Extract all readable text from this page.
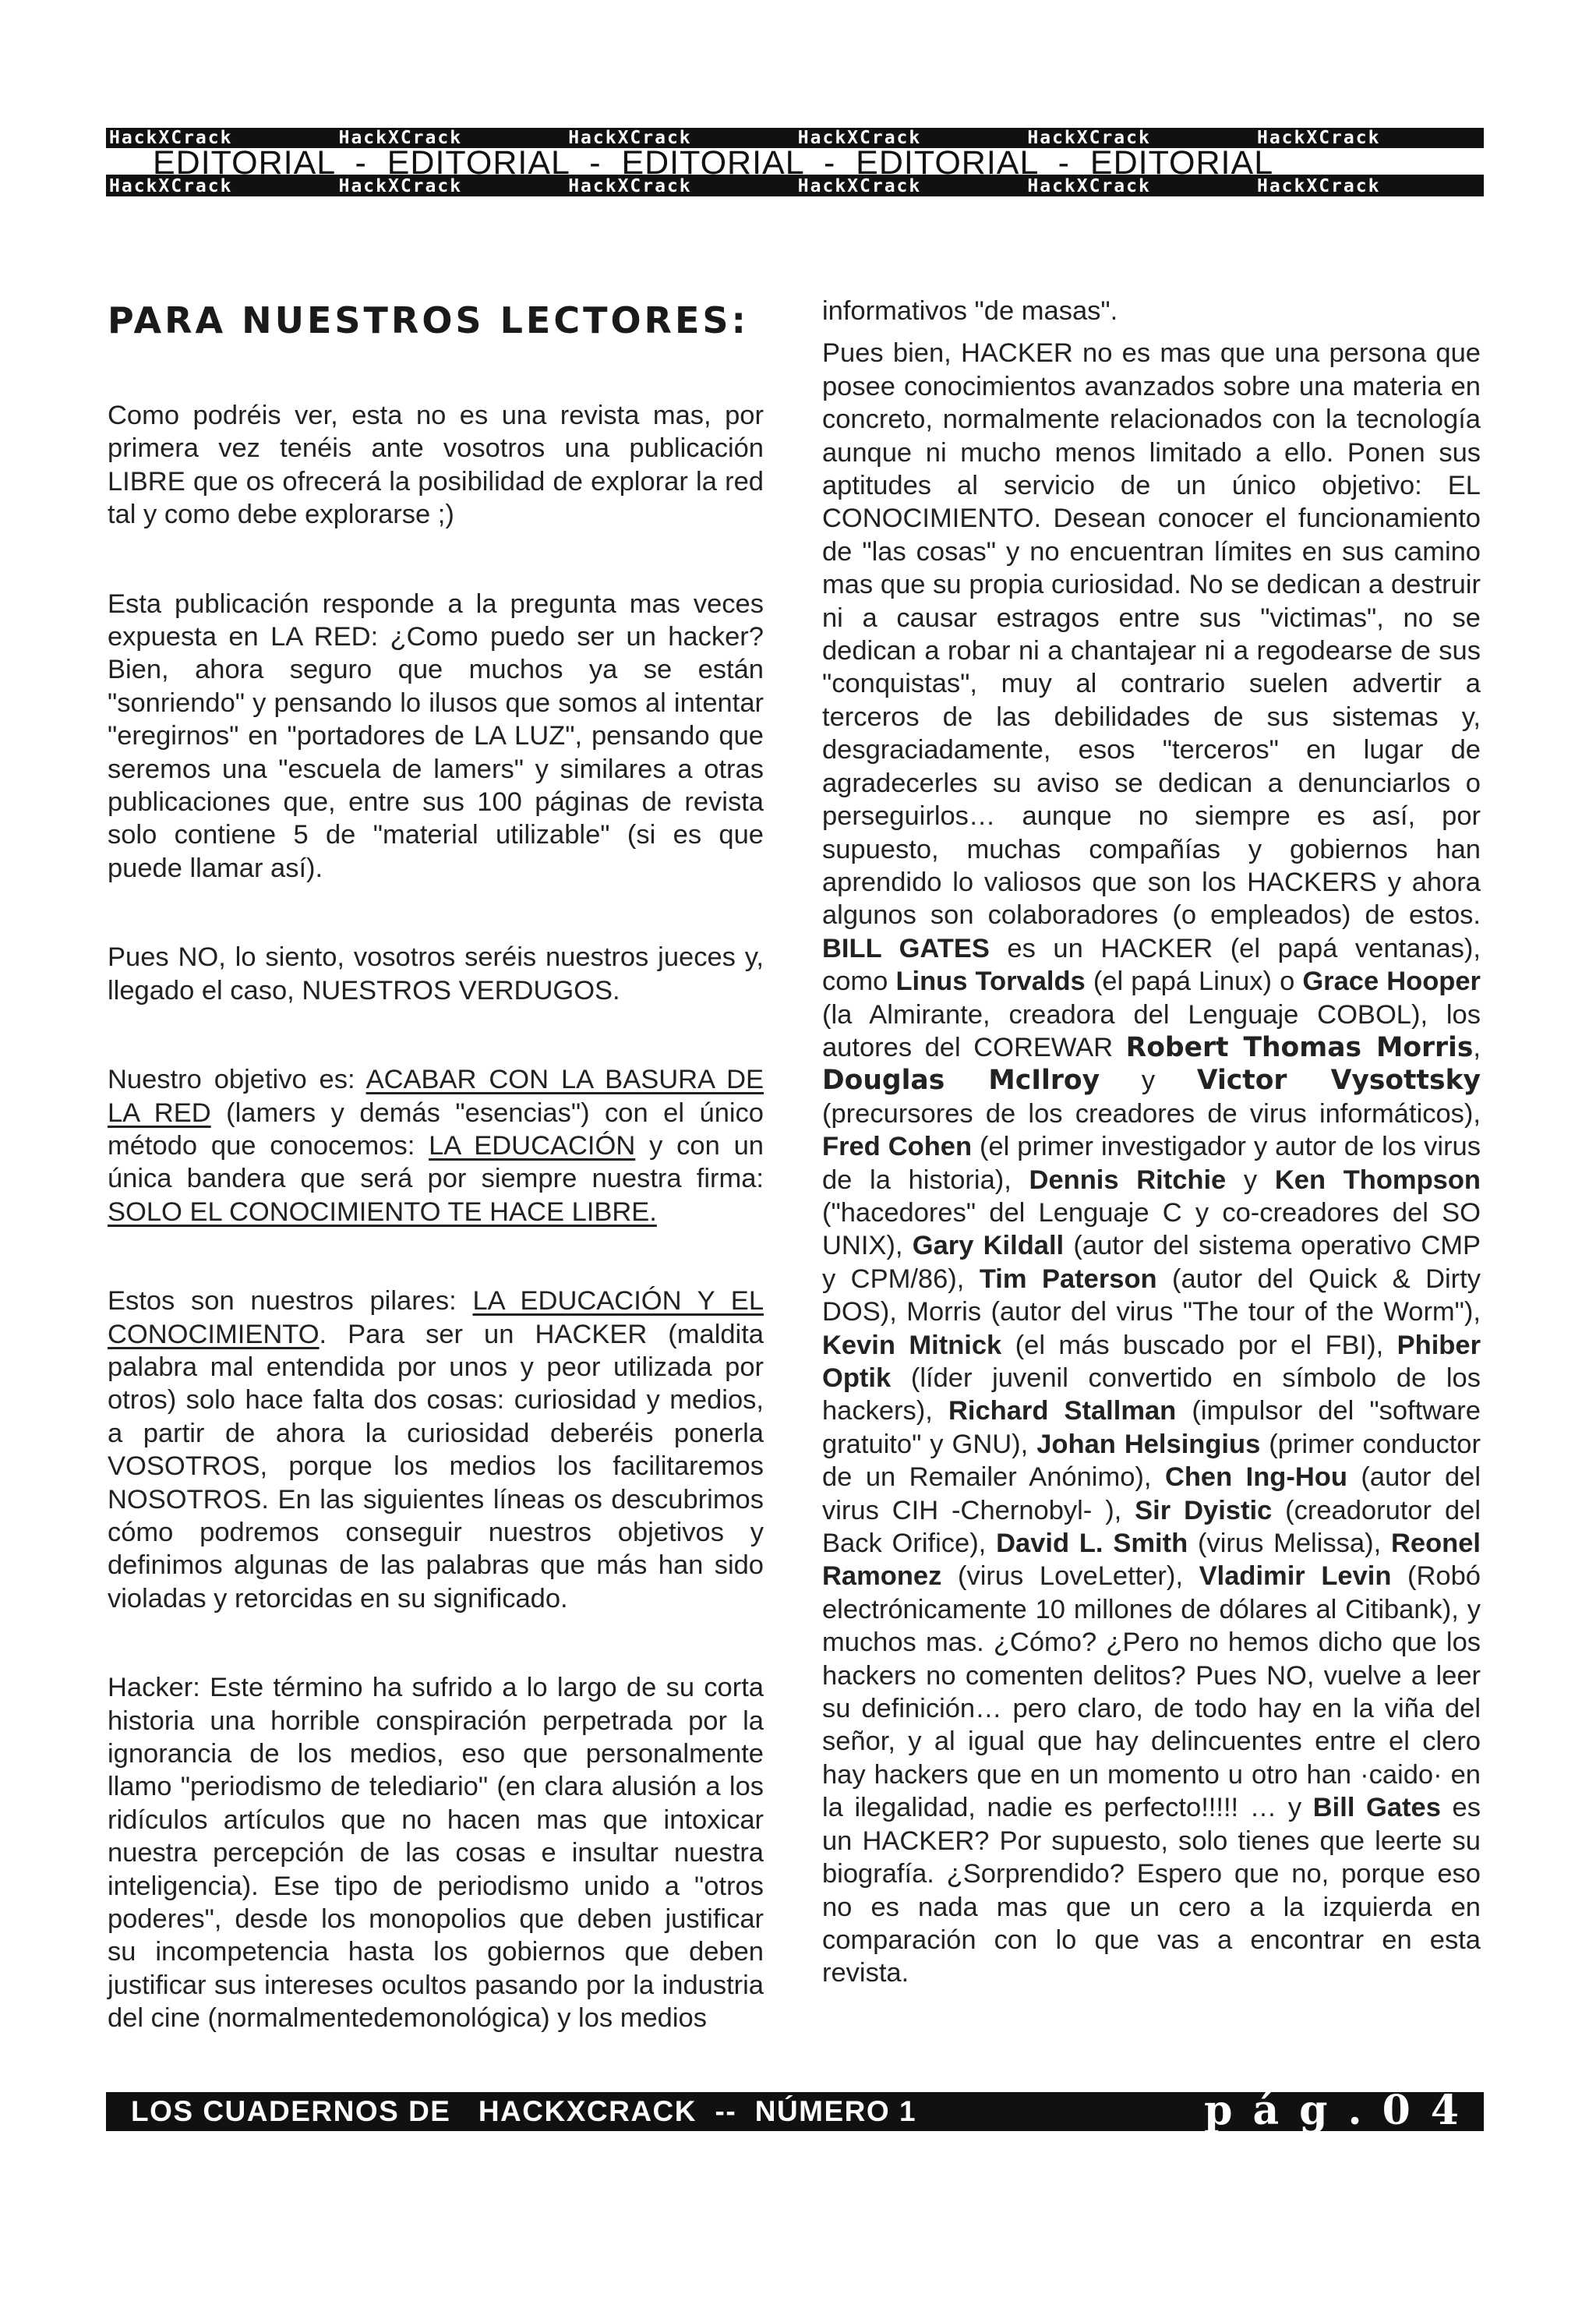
HackXCrack	HackXCrack	HackXCrack	HackXCrack	HackXCrack	HackXCrack
EDITORIAL  -  EDITORIAL  -  EDITORIAL  -  EDITORIAL  -  EDITORIAL
HackXCrack	HackXCrack	HackXCrack	HackXCrack	HackXCrack	HackXCrack
PARA NUESTROS LECTORES:

Como podréis ver, esta no es una revista mas, por primera vez tenéis ante vosotros una publicación LIBRE que os ofrecerá la posibilidad de explorar la red tal y como debe explorarse ;)

Esta publicación responde a la pregunta mas veces expuesta en LA RED: ¿Como puedo ser un hacker? Bien, ahora seguro que muchos ya se están "sonriendo" y pensando lo ilusos que somos al intentar "eregirnos" en "portadores de LA LUZ", pensando que seremos una "escuela de lamers" y similares a otras publicaciones que, entre sus 100 páginas de revista solo contiene 5 de "material utilizable" (si es que puede llamar así).

Pues NO, lo siento, vosotros seréis nuestros jueces y, llegado el caso, NUESTROS VERDUGOS.

Nuestro objetivo es: ACABAR CON LA BASURA DE LA RED (lamers y demás "esencias") con el único método que conocemos: LA EDUCACIÓN y con un única bandera que será por siempre nuestra firma: SOLO EL CONOCIMIENTO TE HACE LIBRE.

Estos son nuestros pilares: LA EDUCACIÓN Y EL CONOCIMIENTO. Para ser un HACKER (maldita palabra mal entendida por unos y peor utilizada por otros) solo hace falta dos cosas: curiosidad y medios, a partir de ahora la curiosidad deberéis ponerla VOSOTROS, porque los medios los facilitaremos NOSOTROS. En las siguientes líneas os descubrimos cómo podremos conseguir nuestros objetivos y definimos algunas de las palabras que más han sido violadas y retorcidas en su significado.

Hacker: Este término ha sufrido a lo largo de su corta historia una horrible conspiración perpetrada por la ignorancia de los medios, eso que personalmente llamo "periodismo de telediario" (en clara alusión a los ridículos artículos que no hacen mas que intoxicar nuestra percepción de las cosas e insultar nuestra inteligencia). Ese tipo de periodismo unido a "otros poderes", desde los monopolios que deben justificar su incompetencia hasta los gobiernos que deben justificar sus intereses ocultos pasando por la industria del cine (normalmentedemonológica) y los medios

informativos "de masas".

Pues bien, HACKER no es mas que una persona que posee conocimientos avanzados sobre una materia en concreto, normalmente relacionados con la tecnología aunque ni mucho menos limitado a ello. Ponen sus aptitudes al servicio de un único objetivo: EL CONOCIMIENTO. Desean conocer el funcionamiento de "las cosas" y no encuentran límites en sus camino mas que su propia curiosidad. No se dedican a destruir ni a causar estragos entre sus "victimas", no se dedican a robar ni a chantajear ni a regodearse de sus "conquistas", muy al contrario suelen advertir a terceros de las debilidades de sus sistemas y, desgraciadamente, esos "terceros" en lugar de agradecerles su aviso se dedican a denunciarlos o perseguirlos… aunque no siempre es así, por supuesto, muchas compañías y gobiernos han aprendido lo valiosos que son los HACKERS y ahora algunos son colaboradores (o empleados) de estos. BILL GATES es un HACKER (el papá ventanas), como Linus Torvalds (el papá Linux) o Grace Hooper (la Almirante, creadora del Lenguaje COBOL), los autores del COREWAR Robert Thomas Morris, Douglas McIlroy y Victor Vysottsky (precursores de los creadores de virus informáticos), Fred Cohen (el primer investigador y autor de los virus de la historia), Dennis Ritchie y Ken Thompson ("hacedores" del Lenguaje C y co-creadores del SO UNIX), Gary Kildall (autor del sistema operativo CMP y CPM/86), Tim Paterson (autor del Quick & Dirty DOS), Morris (autor del virus "The tour of the Worm"), Kevin Mitnick (el más buscado por el FBI), Phiber Optik (líder juvenil convertido en símbolo de los hackers), Richard Stallman (impulsor del "software gratuito" y GNU), Johan Helsingius (primer conductor de un Remailer Anónimo), Chen Ing-Hou (autor del virus CIH -Chernobyl- ), Sir Dyistic (creadorutor del Back Orifice), David L. Smith (virus Melissa), Reonel Ramonez (virus LoveLetter), Vladimir Levin (Robó electrónicamente 10 millones de dólares al Citibank), y muchos mas. ¿Cómo? ¿Pero no hemos dicho que los hackers no comenten delitos? Pues NO, vuelve a leer su definición… pero claro, de todo hay en la viña del señor, y al igual que hay delincuentes entre el clero hay hackers que en un momento u otro han ·caido· en la ilegalidad, nadie es perfecto!!!!! … y Bill Gates es un HACKER? Por supuesto, solo tienes que leerte su biografía. ¿Sorprendido? Espero que no, porque eso no es nada mas que un cero a la izquierda en comparación con lo que vas a encontrar en esta revista.

LOS CUADERNOS DE   HACKXCRACK  --  NÚMERO 1	pág.04
